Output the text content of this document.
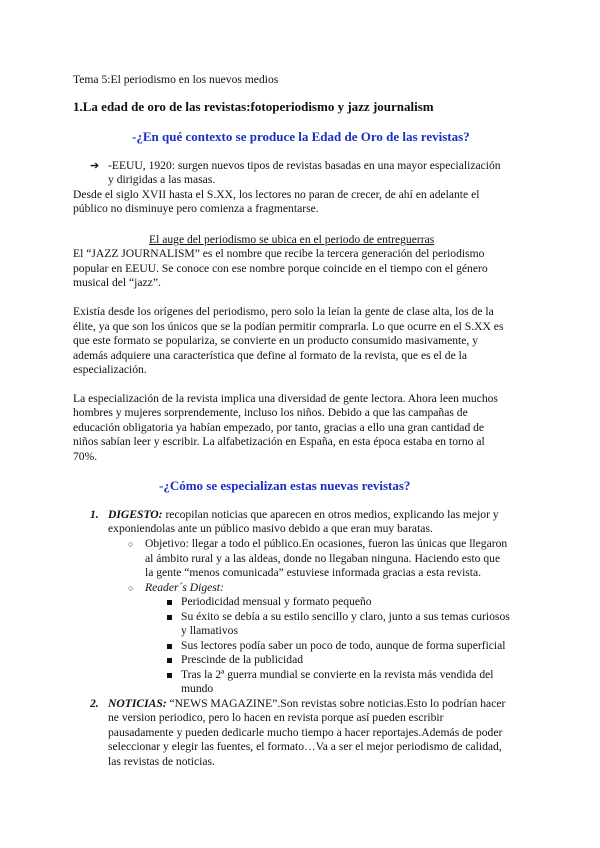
Tema 5:El periodismo en los nuevos medios

1.La edad de oro de las revistas:fotoperiodismo y jazz journalism

-¿En qué contexto se produce la Edad de Oro de las revistas?

➔ -EEUU, 1920: surgen nuevos tipos de revistas basadas en una mayor especialización

y dirigidas a las masas.

Desde el siglo XVII hasta el S.XX, los lectores no paran de crecer, de ahí en adelante el

público no disminuye pero comienza a fragmentarse.

El auge del periodismo se ubica en el periodo de entreguerras

El “JAZZ JOURNALISM” es el nombre que recibe la tercera generación del periodismo

popular en EEUU. Se conoce con ese nombre porque coincide en el tiempo con el género

musical del “jazz”.

Existía desde los orígenes del periodismo, pero solo la leían la gente de clase alta, los de la

élite, ya que son los únicos que se la podían permitir comprarla. Lo que ocurre en el S.XX es

que este formato se populariza, se convierte en un producto consumido masivamente, y

además adquiere una característica que define al formato de la revista, que es el de la

especialización.

La especialización de la revista implica una diversidad de gente lectora. Ahora leen muchos

hombres y mujeres sorprendemente, incluso los niños. Debido a que las campañas de

educación obligatoria ya habían empezado, por tanto, gracias a ello una gran cantidad de

niños sabían leer y escribir. La alfabetización en España, en esta época estaba en torno al

70%.

-¿Cómo se especializan estas nuevas revistas?

1. DIGESTO: recopilan noticias que aparecen en otros medios, explicando las mejor y

exponiendolas ante un público masivo debido a que eran muy baratas.

○ Objetivo: llegar a todo el público.En ocasiones, fueron las únicas que llegaron

al ámbito rural y a las aldeas, donde no llegaban ninguna. Haciendo esto que

la gente “menos comunicada” estuviese informada gracias a esta revista.

○ Reader´s Digest:

Periodicidad mensual y formato pequeño

Su éxito se debía a su estilo sencillo y claro, junto a sus temas curiosos

y llamativos

Sus lectores podía saber un poco de todo, aunque de forma superficial

Prescinde de la publicidad

Tras la 2ª guerra mundial se convierte en la revista más vendida del

mundo

2. NOTICIAS: “NEWS MAGAZINE”.Son revistas sobre noticias.Esto lo podrían hacer

ne version periodico, pero lo hacen en revista porque así pueden escribir

pausadamente y pueden dedicarle mucho tiempo a hacer reportajes.Además de poder

seleccionar y elegir las fuentes, el formato…Va a ser el mejor periodismo de calidad,

las revistas de noticias.
